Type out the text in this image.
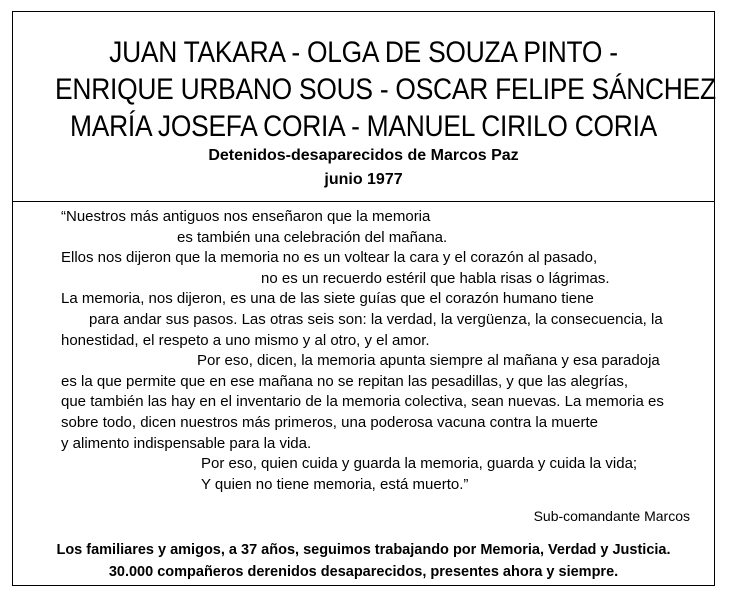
JUAN TAKARA - OLGA DE SOUZA PINTO -
ENRIQUE URBANO SOUS - OSCAR FELIPE SÁNCHEZ
MARÍA JOSEFA CORIA - MANUEL CIRILO CORIA
Detenidos-desaparecidos de Marcos Paz
junio 1977
“Nuestros más antiguos nos enseñaron que la memoria
es también una celebración del mañana.
Ellos nos dijeron que la memoria no es un voltear la cara y el corazón al pasado,
no es un recuerdo estéril que habla risas o lágrimas.
La memoria, nos dijeron, es una de las siete guías que el corazón humano tiene
para andar sus pasos. Las otras seis son: la verdad, la vergüenza, la consecuencia, la
honestidad, el respeto a uno mismo y al otro, y el amor.
Por eso, dicen, la memoria apunta siempre al mañana y esa paradoja
es la que permite que en ese mañana no se repitan las pesadillas, y que las alegrías,
que también las hay en el inventario de la memoria colectiva, sean nuevas. La memoria es
sobre todo, dicen nuestros más primeros, una poderosa vacuna contra la muerte
y alimento indispensable para la vida.
Por eso, quien cuida y guarda la memoria, guarda y cuida la vida;
Y quien no tiene memoria, está muerto.”
Sub-comandante Marcos
Los familiares y amigos, a 37 años, seguimos trabajando por Memoria, Verdad y Justicia.
30.000 compañeros derenidos desaparecidos, presentes ahora y siempre.
